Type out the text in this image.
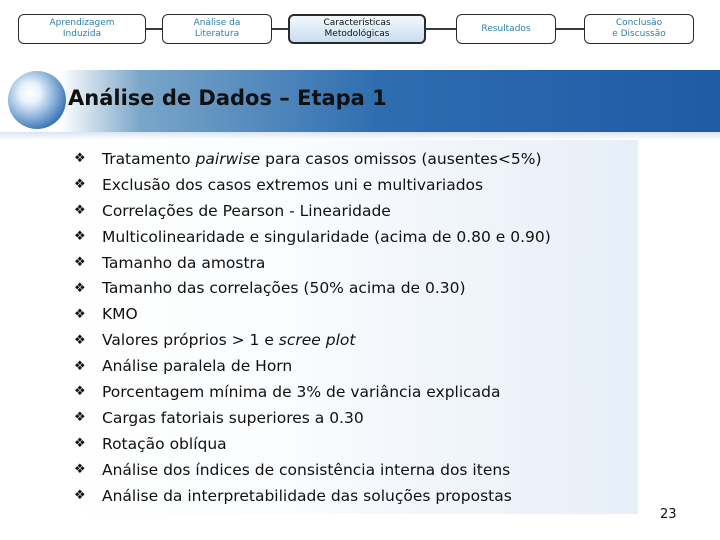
Aprendizagem
Induzida
Análise da
Literatura
Características
Metodológicas
Resultados
Conclusão
e Discussão
Análise de Dados – Etapa 1
❖	Tratamento pairwise para casos omissos (ausentes<5%)
❖	Exclusão dos casos extremos uni e multivariados
❖	Correlações de Pearson - Linearidade
❖	Multicolinearidade e singularidade (acima de 0.80 e 0.90)
❖	Tamanho da amostra
❖	Tamanho das correlações (50% acima de 0.30)
❖	KMO
❖	Valores próprios > 1 e scree plot
❖	Análise paralela de Horn
❖	Porcentagem mínima de 3% de variância explicada
❖	Cargas fatoriais superiores a 0.30
❖	Rotação oblíqua
❖	Análise dos índices de consistência interna dos itens
❖	Análise da interpretabilidade das soluções propostas
23
